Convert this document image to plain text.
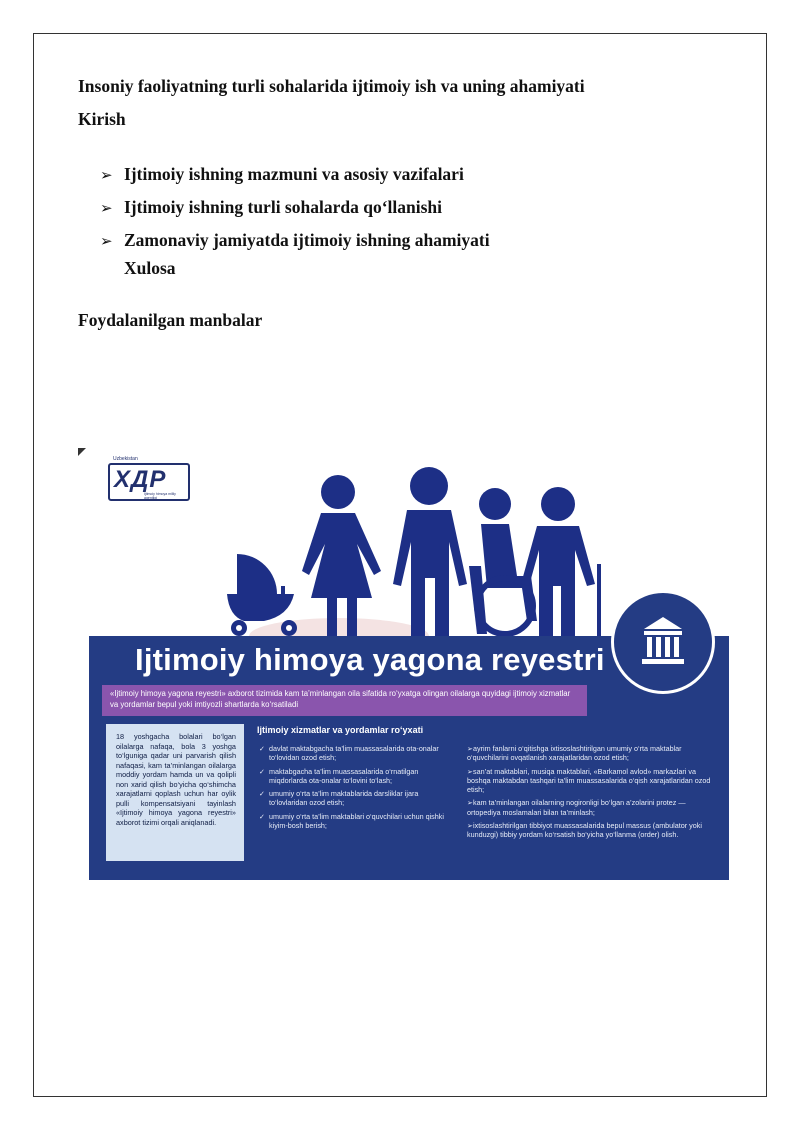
Insoniy faoliyatning turli sohalarida ijtimoiy ish va uning ahamiyati

Kirish

➢ Ijtimoiy ishning mazmuni va asosiy vazifalari
➢ Ijtimoiy ishning turli sohalarda qo‘llanishi
➢ Zamonaviy jamiyatda ijtimoiy ishning ahamiyati

Xulosa

Foydalanilgan manbalar

Uzbekistan
ХДР
Ijtimoiy himoya milliy agentligi
Ijtimoiy himoya yagona reyestri
«Ijtimoiy himoya yagona reyestri» axborot tizimida kam ta’minlangan oila sifatida ro‘yxatga olingan oilalarga quyidagi ijtimoiy xizmatlar va yordamlar bepul yoki imtiyozli shartlarda ko‘rsatiladi
18 yoshgacha bolalari bo‘lgan oilalarga nafaqa, bola 3 yoshga to‘lguniga qadar uni parvarish qilish nafaqasi, kam ta’minlangan oilalarga moddiy yordam hamda un va qolipli non xarid qilish bo‘yicha qo‘shimcha xarajatlarni qoplash uchun har oylik pulli kompensatsiyani tayinlash «Ijtimoiy himoya yagona reyestri» axborot tizimi orqali aniqlanadi.
Ijtimoiy xizmatlar va yordamlar ro‘yxati
✓ davlat maktabgacha ta’lim muassasalarida ota-onalar to‘lovidan ozod etish;
✓ maktabgacha ta’lim muassasalarida o‘rnatilgan miqdorlarda ota-onalar to‘lovini to‘lash;
✓ umumiy o‘rta ta’lim maktablarida darsliklar ijara to‘lovlaridan ozod etish;
✓ umumiy o‘rta ta’lim maktablari o‘quvchilari uchun qishki kiyim-bosh berish;
➢ayrim fanlarni o‘qitishga ixtisoslashtirilgan umumiy o‘rta maktablar o‘quvchilarini ovqatlanish xarajatlaridan ozod etish;
➢san’at maktablari, musiqa maktablari, «Barkamol avlod» markazlari va boshqa maktabdan tashqari ta’lim muassasalarida o‘qish xarajatlaridan ozod etish;
➢kam ta’minlangan oilalarning nogironligi bo‘lgan a’zolarini protez — ortopediya moslamalari bilan ta’minlash;
➢ixtisoslashtirilgan tibbiyot muassasalarida bepul massus (ambulator yoki kunduzgi) tibbiy yordam ko‘rsatish bo‘yicha yo‘llanma (order) olish.
